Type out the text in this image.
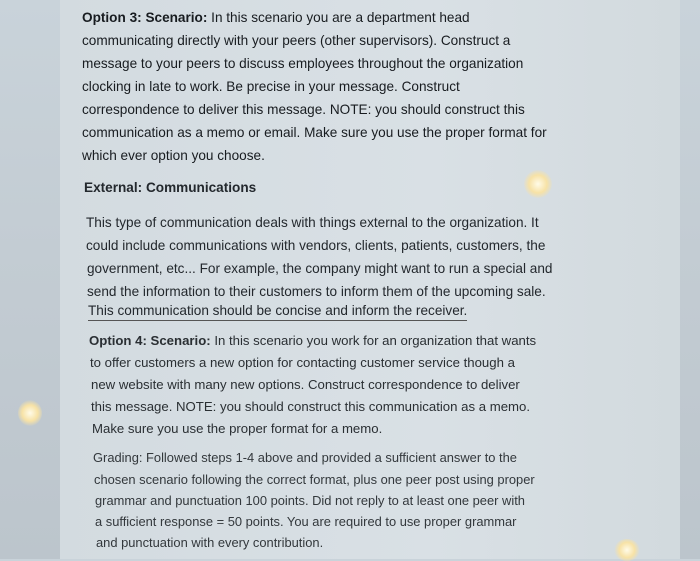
Option 3: Scenario: In this scenario you are a department head
communicating directly with your peers (other supervisors). Construct a
message to your peers to discuss employees throughout the organization
clocking in late to work. Be precise in your message. Construct
correspondence to deliver this message. NOTE: you should construct this
communication as a memo or email. Make sure you use the proper format for
which ever option you choose.
External: Communications
This type of communication deals with things external to the organization. It
could include communications with vendors, clients, patients, customers, the
government, etc... For example, the company might want to run a special and
send the information to their customers to inform them of the upcoming sale.
This communication should be concise and inform the receiver.
Option 4: Scenario: In this scenario you work for an organization that wants
to offer customers a new option for contacting customer service though a
new website with many new options. Construct correspondence to deliver
this message. NOTE: you should construct this communication as a memo.
Make sure you use the proper format for a memo.
Grading: Followed steps 1-4 above and provided a sufficient answer to the
chosen scenario following the correct format, plus one peer post using proper
grammar and punctuation 100 points. Did not reply to at least one peer with
a sufficient response = 50 points. You are required to use proper grammar
and punctuation with every contribution.
